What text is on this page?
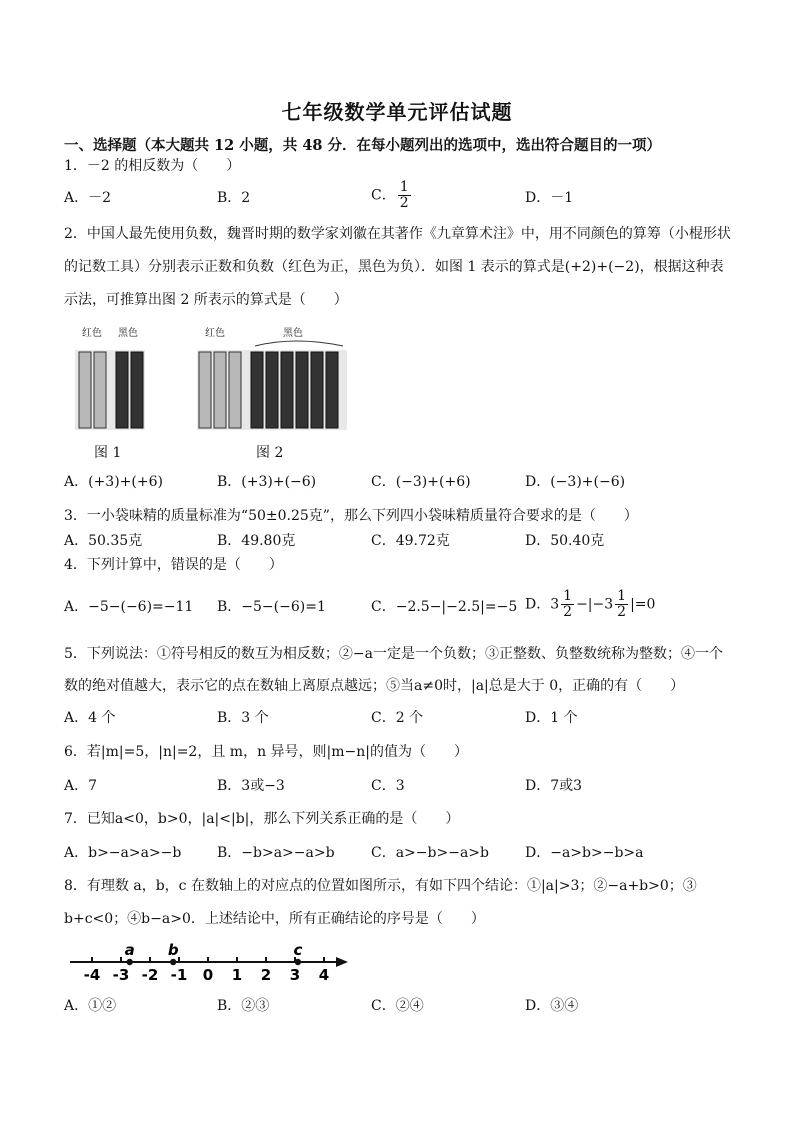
七年级数学单元评估试题
一、选择题（本大题共 12 小题，共 48 分．在每小题列出的选项中，选出符合题目的一项）
1．－2 的相反数为（　　）
A．－2	B．2	C． $\frac{1}{2}$	D．－1
2．中国人最先使用负数，魏晋时期的数学家刘徽在其著作《九章算术注》中，用不同颜色的算筹（小棍形状
的记数工具）分别表示正数和负数（红色为正，黑色为负）．如图 1 表示的算式是(+2)+(−2)，根据这种表
示法，可推算出图 2 所表示的算式是（　　）
红色 黑色
图 1
红色	黑色
图 2
A．(+3)+(+6)	B．(+3)+(−6)	C．(−3)+(+6)	D．(−3)+(−6)
3．一小袋味精的质量标准为“50±0.25克”，那么下列四小袋味精质量符合要求的是（　　）
A．50.35克	B．49.80克	C．49.72克	D．50.40克
4．下列计算中，错误的是（　　）
A．−5−(−6)=−11 B．−5−(−6)=1	C．−2.5−|−2.5|=−5 D．$3 \frac{1}{2} -|-3 \frac{1}{2} |=0$
5．下列说法：①符号相反的数互为相反数；②−a一定是一个负数；③正整数、负整数统称为整数；④一个
数的绝对值越大，表示它的点在数轴上离原点越远；⑤当a≠0时，|a|总是大于 0，正确的有（　　）
A．4 个	B．3 个	C．2 个	D．1 个
6．若|m|=5，|n|=2，且 m，n 异号，则|m−n|的值为（　　）
A．7	B．3或−3	C．3	D．7或3
7．已知a<0，b>0，|a|<|b|，那么下列关系正确的是（　　）
A．b>−a>a>−b	B．−b>a>−a>b	C．a>−b>−a>b	D．−a>b>−b>a
8．有理数 a，b，c 在数轴上的对应点的位置如图所示，有如下四个结论：①|a|>3；②−a+b>0；③
b+c<0；④b−a>0．上述结论中，所有正确结论的序号是（　　）
-4 -3 -2 -1 0 1 2 3 4
a b	c
A．①②	B．②③	C．②④	D．③④
